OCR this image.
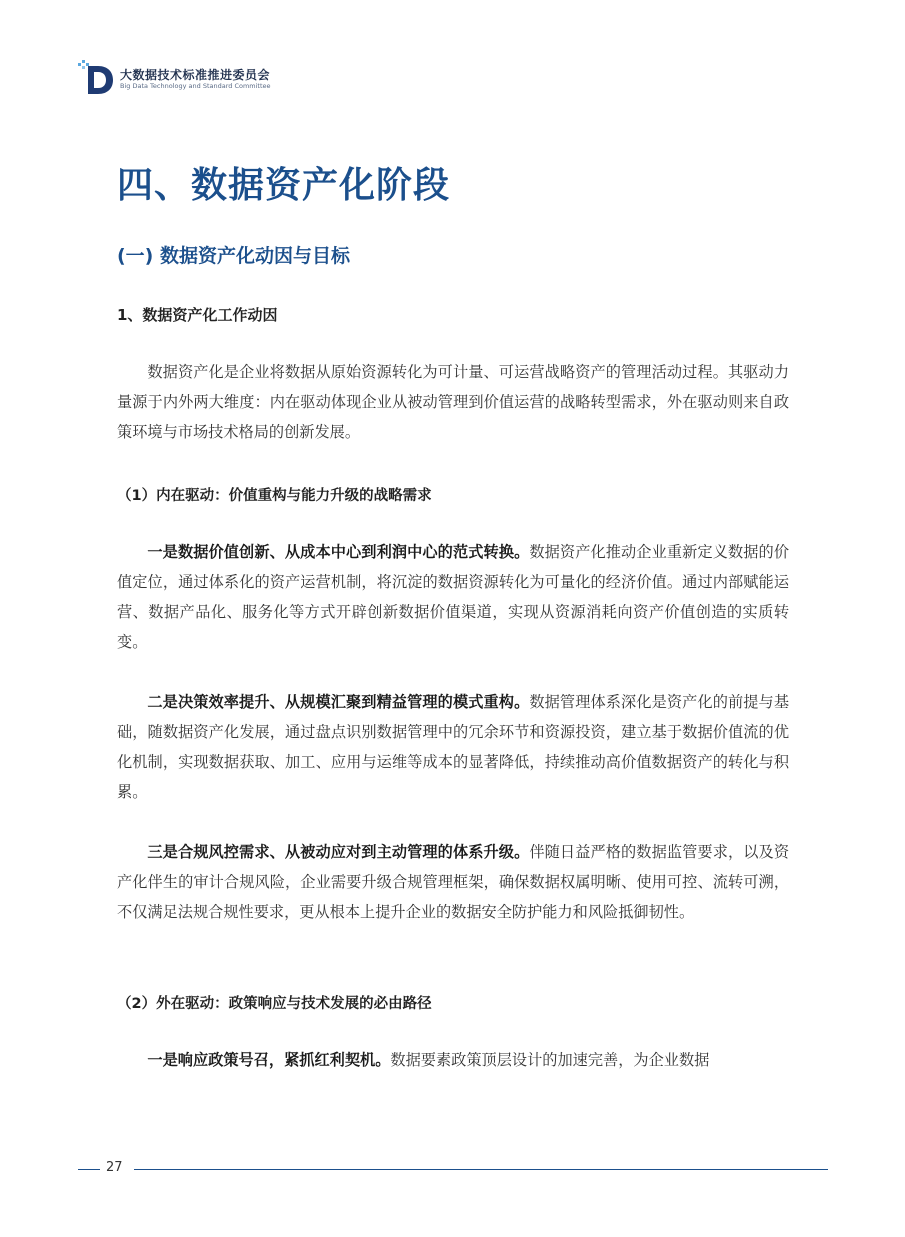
大数据技术标准推进委员会
Big Data Technology and Standard Committee
四、数据资产化阶段
(一) 数据资产化动因与目标
1、数据资产化工作动因

数据资产化是企业将数据从原始资源转化为可计量、可运营战略资产的管理活动过程。其驱动力量源于内外两大维度：内在驱动体现企业从被动管理到价值运营的战略转型需求，外在驱动则来自政策环境与市场技术格局的创新发展。

（1）内在驱动：价值重构与能力升级的战略需求

一是数据价值创新、从成本中心到利润中心的范式转换。数据资产化推动企业重新定义数据的价值定位，通过体系化的资产运营机制，将沉淀的数据资源转化为可量化的经济价值。通过内部赋能运营、数据产品化、服务化等方式开辟创新数据价值渠道，实现从资源消耗向资产价值创造的实质转变。

二是决策效率提升、从规模汇聚到精益管理的模式重构。数据管理体系深化是资产化的前提与基础，随数据资产化发展，通过盘点识别数据管理中的冗余环节和资源投资，建立基于数据价值流的优化机制，实现数据获取、加工、应用与运维等成本的显著降低，持续推动高价值数据资产的转化与积累。

三是合规风控需求、从被动应对到主动管理的体系升级。伴随日益严格的数据监管要求，以及资产化伴生的审计合规风险，企业需要升级合规管理框架，确保数据权属明晰、使用可控、流转可溯，不仅满足法规合规性要求，更从根本上提升企业的数据安全防护能力和风险抵御韧性。

（2）外在驱动：政策响应与技术发展的必由路径

一是响应政策号召，紧抓红利契机。数据要素政策顶层设计的加速完善，为企业数据

27
